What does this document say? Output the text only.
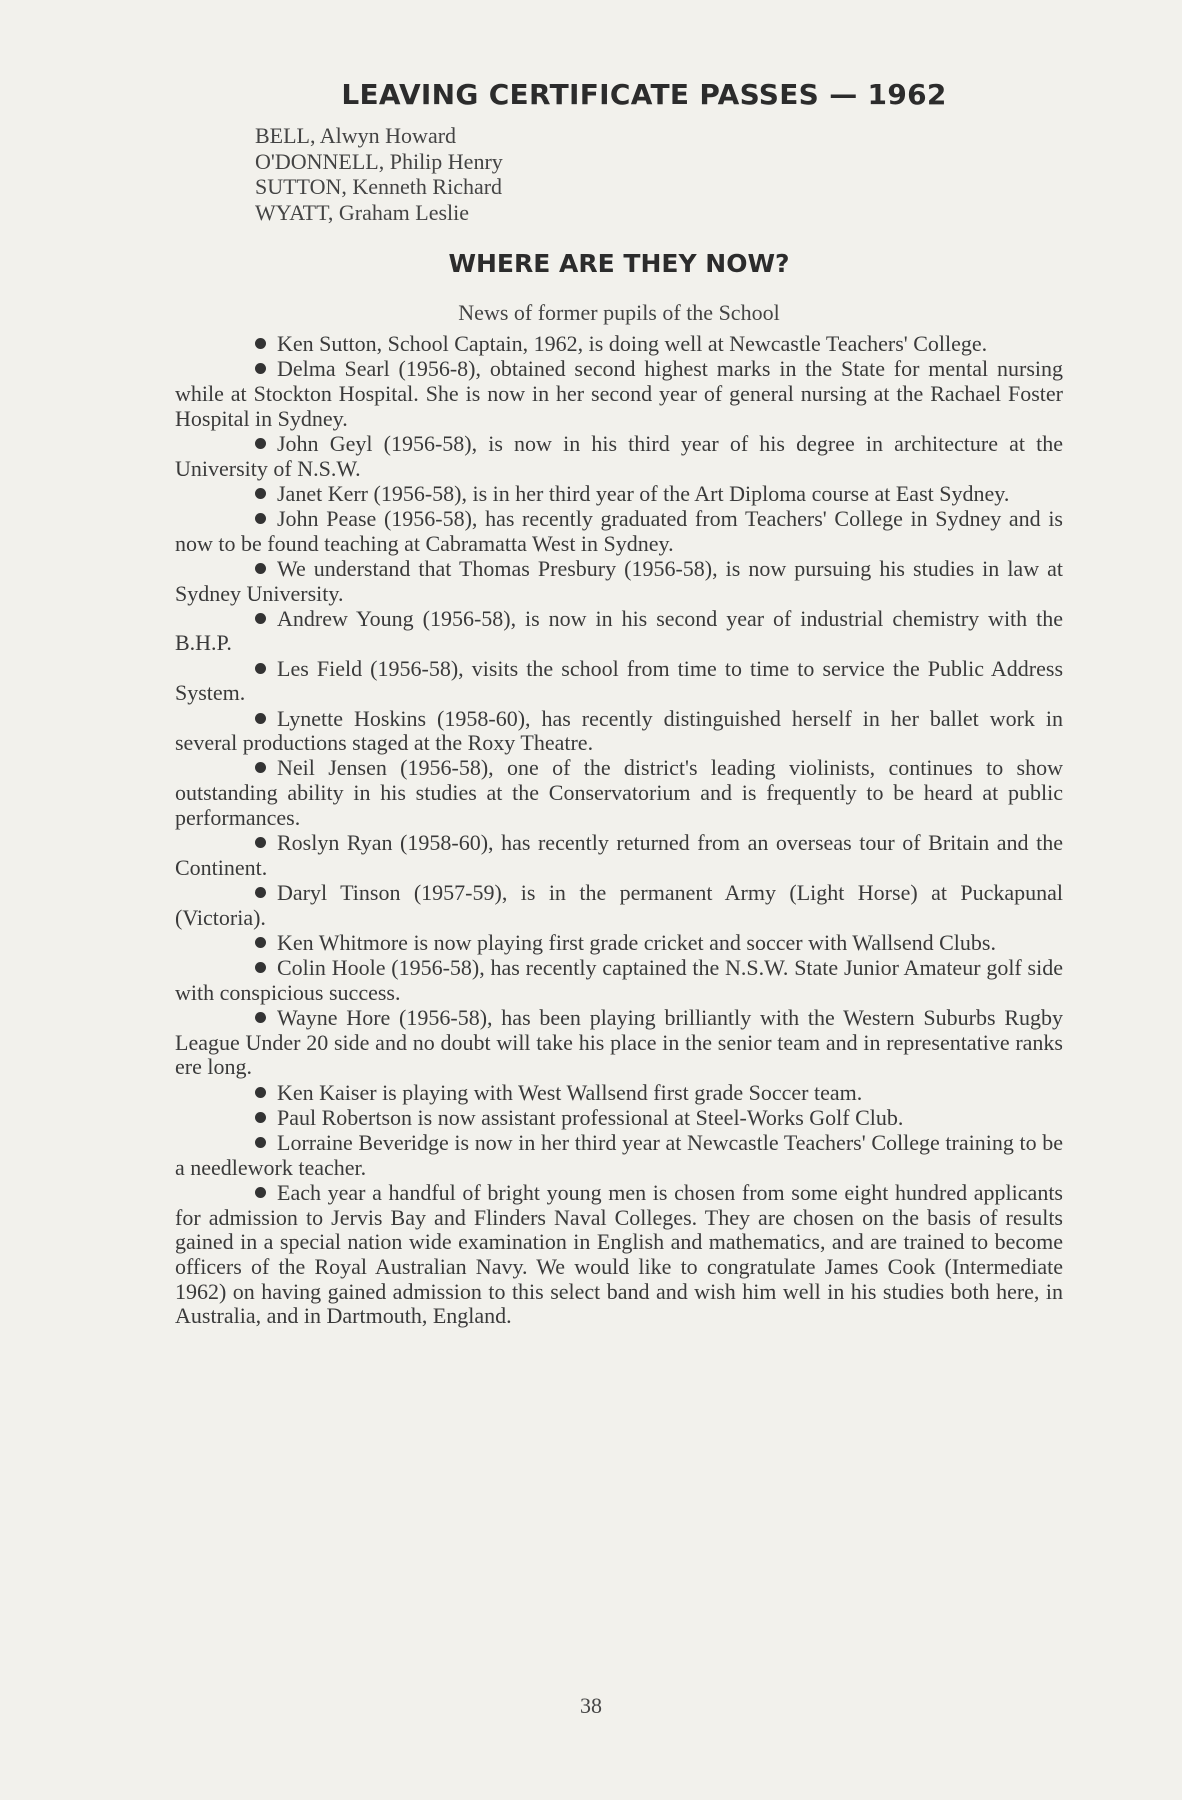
LEAVING CERTIFICATE PASSES — 1962
BELL, Alwyn Howard
O'DONNELL, Philip Henry
SUTTON, Kenneth Richard
WYATT, Graham Leslie
WHERE ARE THEY NOW?
News of former pupils of the School

Ken Sutton, School Captain, 1962, is doing well at Newcastle Teachers' College.

Delma Searl (1956-8), obtained second highest marks in the State for mental nursing while at Stockton Hospital. She is now in her second year of general nursing at the Rachael Foster Hospital in Sydney.

John Geyl (1956-58), is now in his third year of his degree in architecture at the University of N.S.W.

Janet Kerr (1956-58), is in her third year of the Art Diploma course at East Sydney.

John Pease (1956-58), has recently graduated from Teachers' College in Sydney and is now to be found teaching at Cabramatta West in Sydney.

We understand that Thomas Presbury (1956-58), is now pursuing his studies in law at Sydney University.

Andrew Young (1956-58), is now in his second year of industrial chemistry with the B.H.P.

Les Field (1956-58), visits the school from time to time to service the Public Address System.

Lynette Hoskins (1958-60), has recently distinguished herself in her ballet work in several productions staged at the Roxy Theatre.

Neil Jensen (1956-58), one of the district's leading violinists, continues to show outstanding ability in his studies at the Conservatorium and is frequently to be heard at public performances.

Roslyn Ryan (1958-60), has recently returned from an overseas tour of Britain and the Continent.

Daryl Tinson (1957-59), is in the permanent Army (Light Horse) at Puckapunal (Victoria).

Ken Whitmore is now playing first grade cricket and soccer with Wallsend Clubs.

Colin Hoole (1956-58), has recently captained the N.S.W. State Junior Amateur golf side with conspicious success.

Wayne Hore (1956-58), has been playing brilliantly with the Western Suburbs Rugby League Under 20 side and no doubt will take his place in the senior team and in representative ranks ere long.

Ken Kaiser is playing with West Wallsend first grade Soccer team.

Paul Robertson is now assistant professional at Steel-Works Golf Club.

Lorraine Beveridge is now in her third year at Newcastle Teachers' College training to be a needlework teacher.

Each year a handful of bright young men is chosen from some eight hundred applicants for admission to Jervis Bay and Flinders Naval Colleges. They are chosen on the basis of results gained in a special nation wide examination in English and mathematics, and are trained to become officers of the Royal Australian Navy. We would like to congratulate James Cook (Intermediate 1962) on having gained admission to this select band and wish him well in his studies both here, in Australia, and in Dartmouth, England.

38
